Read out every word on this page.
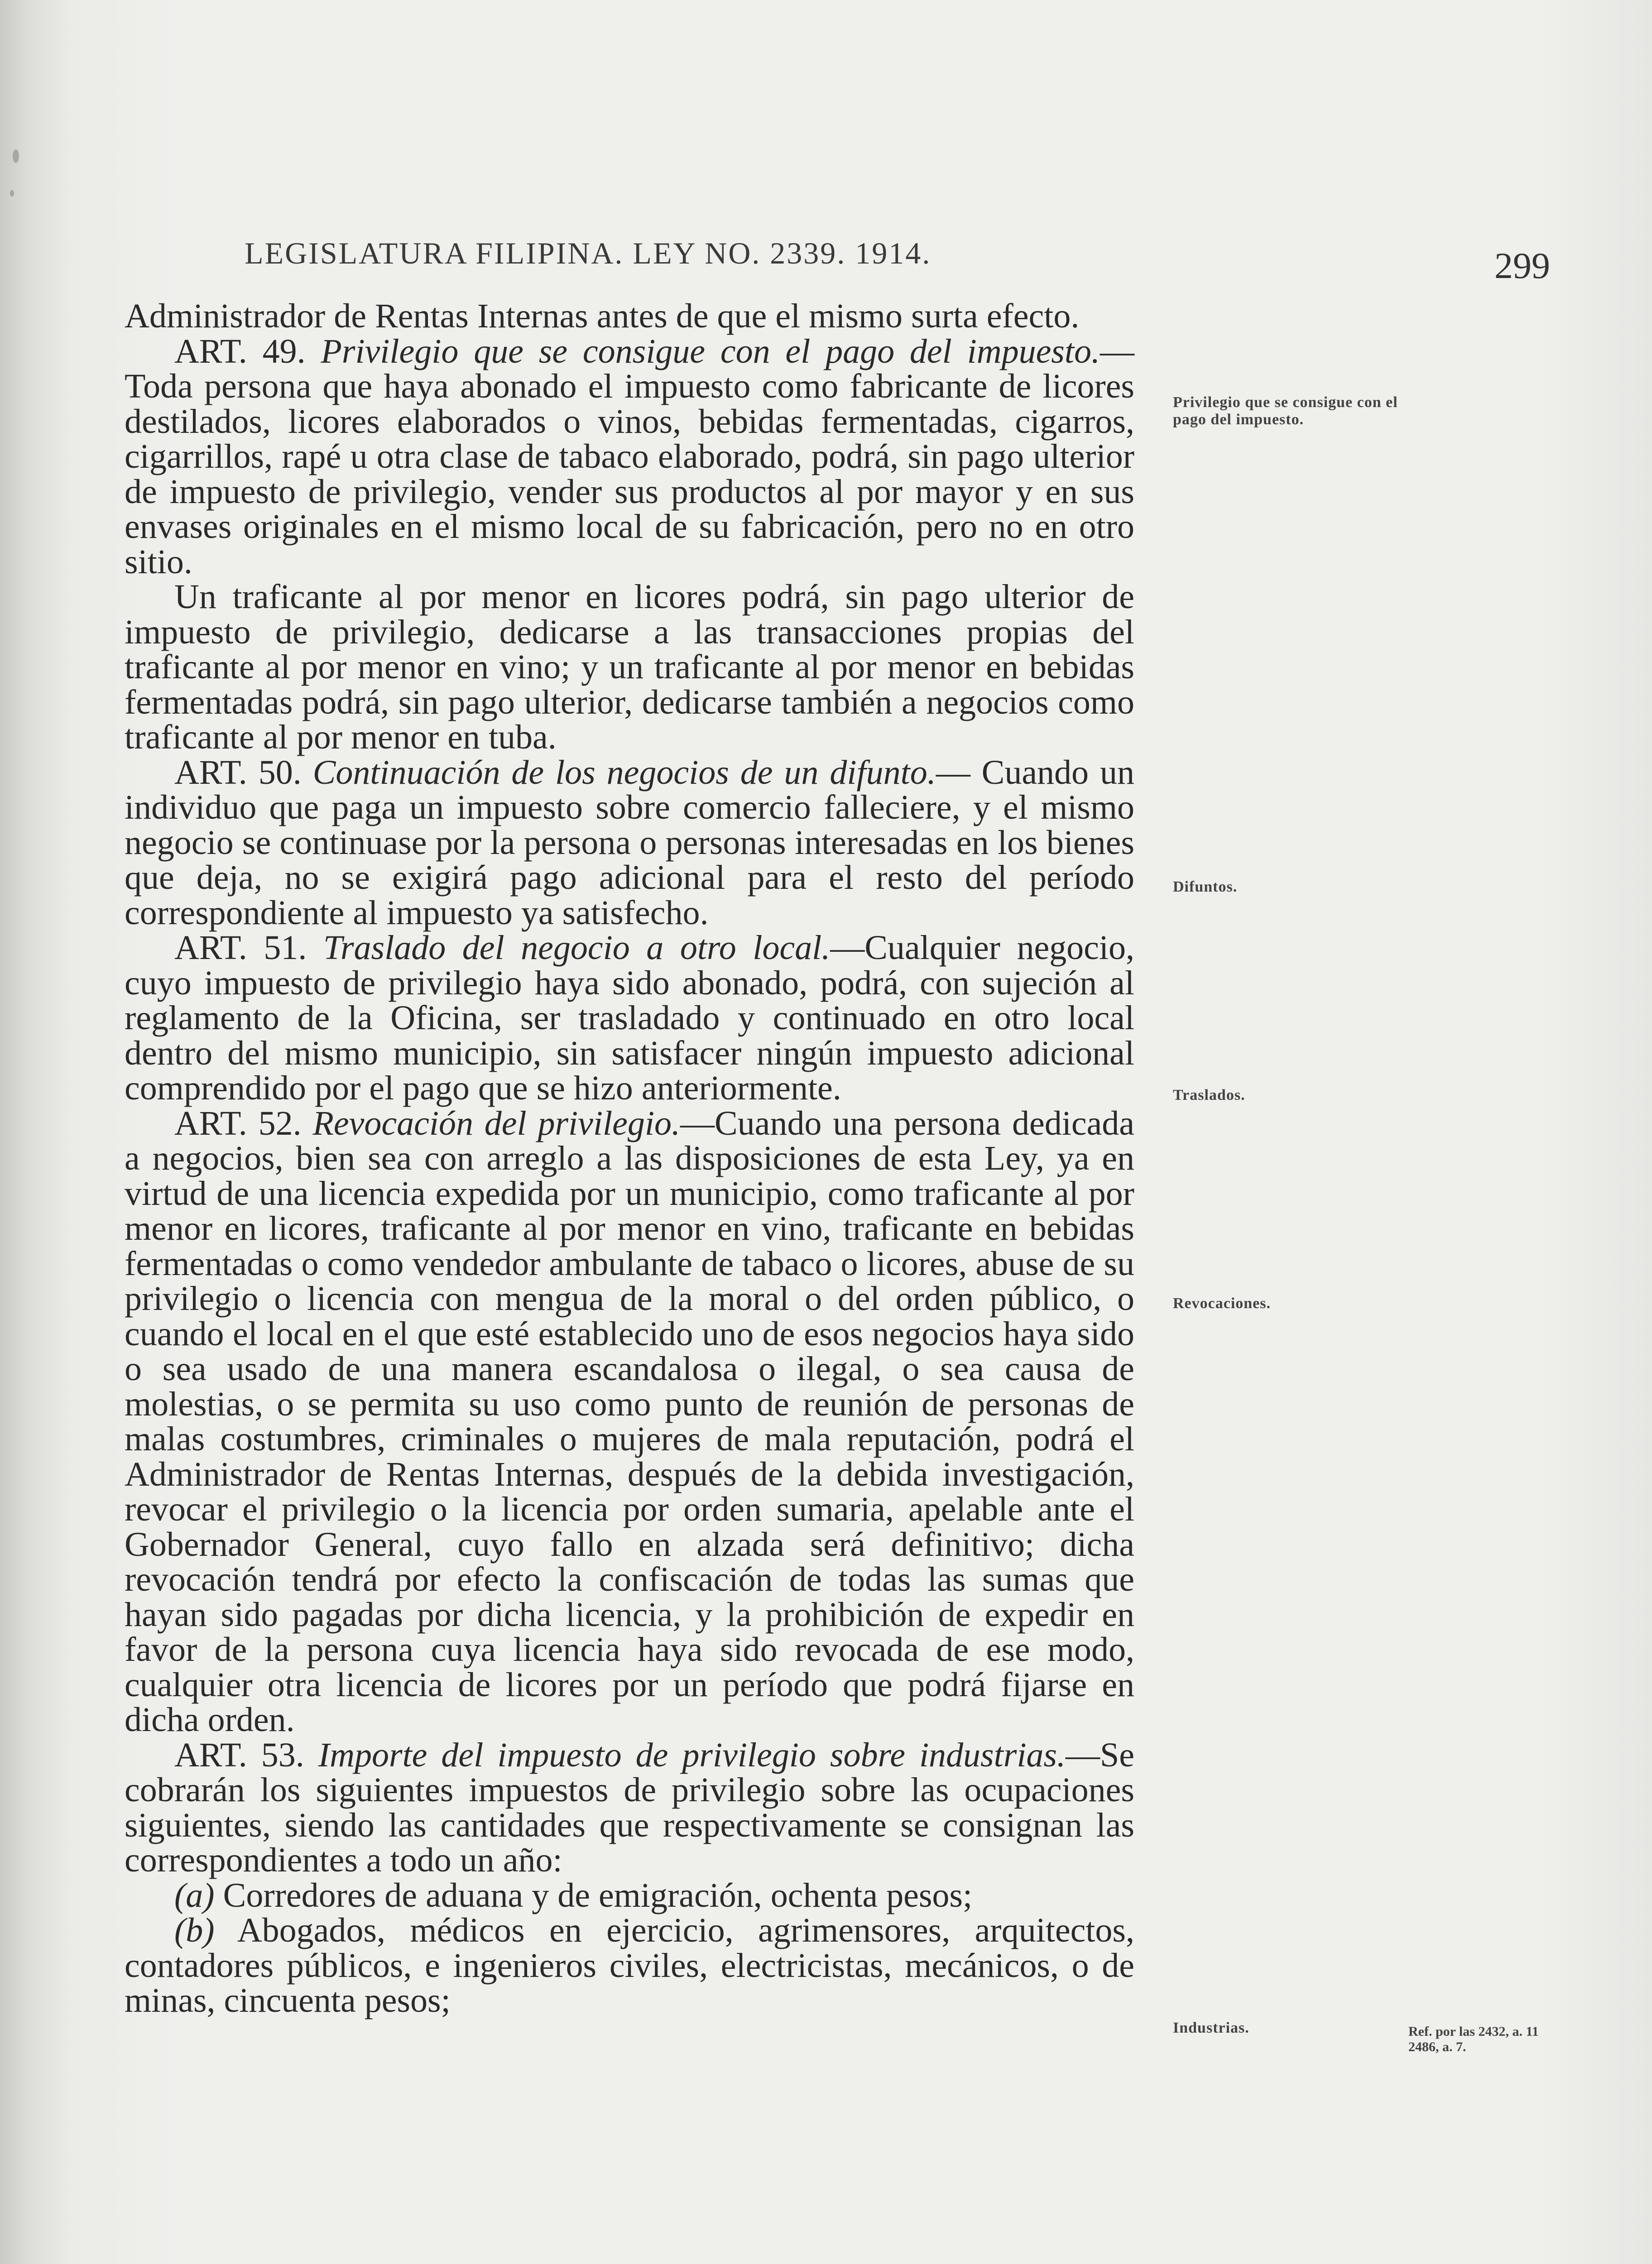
LEGISLATURA FILIPINA. LEY NO. 2339. 1914.	299

Administrador de Rentas Internas antes de que el mismo surta efecto.

ART. 49. Privilegio que se consigue con el pago del impuesto.—Toda persona que haya abonado el impuesto como fabricante de licores destilados, licores elaborados o vinos, bebidas fermentadas, cigarros, cigarrillos, rapé u otra clase de tabaco elaborado, podrá, sin pago ulterior de impuesto de privilegio, vender sus productos al por mayor y en sus envases originales en el mismo local de su fabricación, pero no en otro sitio.

Un traficante al por menor en licores podrá, sin pago ulterior de impuesto de privilegio, dedicarse a las transacciones propias del traficante al por menor en vino; y un traficante al por menor en bebidas fermentadas podrá, sin pago ulterior, dedicarse también a negocios como traficante al por menor en tuba.

ART. 50. Continuación de los negocios de un difunto.— Cuando un individuo que paga un impuesto sobre comercio falleciere, y el mismo negocio se continuase por la persona o personas interesadas en los bienes que deja, no se exigirá pago adicional para el resto del período correspondiente al impuesto ya satisfecho.

ART. 51. Traslado del negocio a otro local.—Cualquier negocio, cuyo impuesto de privilegio haya sido abonado, podrá, con sujeción al reglamento de la Oficina, ser trasladado y continuado en otro local dentro del mismo municipio, sin satisfacer ningún impuesto adicional comprendido por el pago que se hizo anteriormente.

ART. 52. Revocación del privilegio.—Cuando una persona dedicada a negocios, bien sea con arreglo a las disposiciones de esta Ley, ya en virtud de una licencia expedida por un municipio, como traficante al por menor en licores, traficante al por menor en vino, traficante en bebidas fermentadas o como vendedor ambulante de tabaco o licores, abuse de su privilegio o licencia con mengua de la moral o del orden público, o cuando el local en el que esté establecido uno de esos negocios haya sido o sea usado de una manera escandalosa o ilegal, o sea causa de molestias, o se permita su uso como punto de reunión de personas de malas costumbres, criminales o mujeres de mala reputación, podrá el Administrador de Rentas Internas, después de la debida investigación, revocar el privilegio o la licencia por orden sumaria, apelable ante el Gobernador General, cuyo fallo en alzada será definitivo; dicha revocación tendrá por efecto la confiscación de todas las sumas que hayan sido pagadas por dicha licencia, y la prohibición de expedir en favor de la persona cuya licencia haya sido revocada de ese modo, cualquier otra licencia de licores por un período que podrá fijarse en dicha orden.

ART. 53. Importe del impuesto de privilegio sobre industrias.—Se cobrarán los siguientes impuestos de privilegio sobre las ocupaciones siguientes, siendo las cantidades que respectivamente se consignan las correspondientes a todo un año:

(a) Corredores de aduana y de emigración, ochenta pesos;

(b) Abogados, médicos en ejercicio, agrimensores, arquitectos, contadores públicos, e ingenieros civiles, electricistas, mecánicos, o de minas, cincuenta pesos;

Privilegio que se consigue con el pago del impuesto.
Difuntos.
Traslados.
Revocaciones.
Industrias.	Ref. por las 2432, a. 11 2486, a. 7.
